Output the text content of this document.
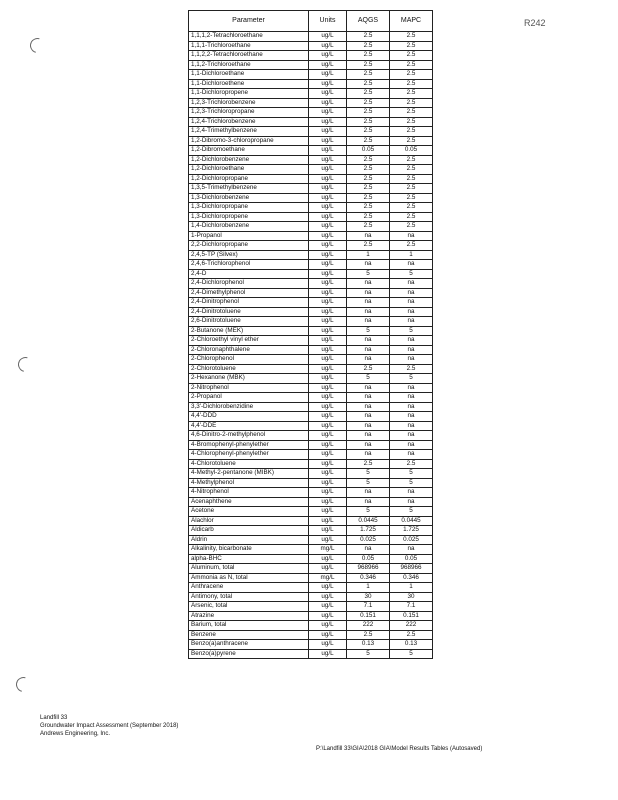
R242
Parameter	Units	AQGS	MAPC
1,1,1,2-Tetrachloroethane	ug/L	2.5	2.5
1,1,1-Trichloroethane	ug/L	2.5	2.5
1,1,2,2-Tetrachloroethane	ug/L	2.5	2.5
1,1,2-Trichloroethane	ug/L	2.5	2.5
1,1-Dichloroethane	ug/L	2.5	2.5
1,1-Dichloroethene	ug/L	2.5	2.5
1,1-Dichloropropene	ug/L	2.5	2.5
1,2,3-Trichlorobenzene	ug/L	2.5	2.5
1,2,3-Trichloropropane	ug/L	2.5	2.5
1,2,4-Trichlorobenzene	ug/L	2.5	2.5
1,2,4-Trimethylbenzene	ug/L	2.5	2.5
1,2-Dibromo-3-chloropropane	ug/L	2.5	2.5
1,2-Dibromoethane	ug/L	0.05	0.05
1,2-Dichlorobenzene	ug/L	2.5	2.5
1,2-Dichloroethane	ug/L	2.5	2.5
1,2-Dichloropropane	ug/L	2.5	2.5
1,3,5-Trimethylbenzene	ug/L	2.5	2.5
1,3-Dichlorobenzene	ug/L	2.5	2.5
1,3-Dichloropropane	ug/L	2.5	2.5
1,3-Dichloropropene	ug/L	2.5	2.5
1,4-Dichlorobenzene	ug/L	2.5	2.5
1-Propanol	ug/L	na	na
2,2-Dichloropropane	ug/L	2.5	2.5
2,4,5-TP (Silvex)	ug/L	1	1
2,4,6-Trichlorophenol	ug/L	na	na
2,4-D	ug/L	5	5
2,4-Dichlorophenol	ug/L	na	na
2,4-Dimethylphenol	ug/L	na	na
2,4-Dinitrophenol	ug/L	na	na
2,4-Dinitrotoluene	ug/L	na	na
2,6-Dinitrotoluene	ug/L	na	na
2-Butanone (MEK)	ug/L	5	5
2-Chloroethyl vinyl ether	ug/L	na	na
2-Chloronaphthalene	ug/L	na	na
2-Chlorophenol	ug/L	na	na
2-Chlorotoluene	ug/L	2.5	2.5
2-Hexanone (MBK)	ug/L	5	5
2-Nitrophenol	ug/L	na	na
2-Propanol	ug/L	na	na
3,3'-Dichlorobenzidine	ug/L	na	na
4,4'-DDD	ug/L	na	na
4,4'-DDE	ug/L	na	na
4,6-Dinitro-2-methylphenol	ug/L	na	na
4-Bromophenyl-phenylether	ug/L	na	na
4-Chlorophenyl-phenylether	ug/L	na	na
4-Chlorotoluene	ug/L	2.5	2.5
4-Methyl-2-pentanone (MIBK)	ug/L	5	5
4-Methylphenol	ug/L	5	5
4-Nitrophenol	ug/L	na	na
Acenaphthene	ug/L	na	na
Acetone	ug/L	5	5
Alachlor	ug/L	0.0445	0.0445
Aldicarb	ug/L	1.725	1.725
Aldrin	ug/L	0.025	0.025
Alkalinity, bicarbonate	mg/L	na	na
alpha-BHC	ug/L	0.05	0.05
Aluminum, total	ug/L	968966	968966
Ammonia as N, total	mg/L	0.346	0.346
Anthracene	ug/L	1	1
Antimony, total	ug/L	30	30
Arsenic, total	ug/L	7.1	7.1
Atrazine	ug/L	0.151	0.151
Barium, total	ug/L	222	222
Benzene	ug/L	2.5	2.5
Benzo(a)anthracene	ug/L	0.13	0.13
Benzo(a)pyrene	ug/L	5	5
Landfill 33
Groundwater Impact Assessment (September 2018)
Andrews Engineering, Inc.
P:\Landfill 33\GIA\2018 GIA\Model Results Tables (Autosaved)
